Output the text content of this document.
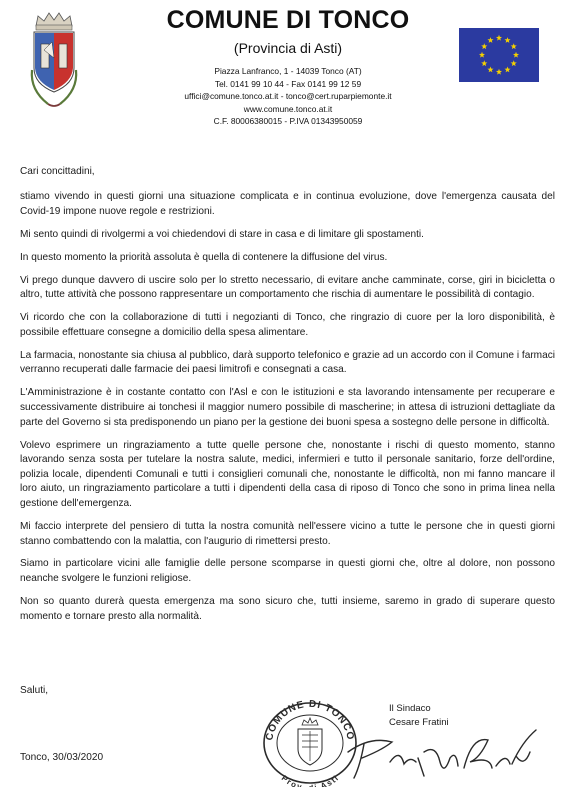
COMUNE DI TONCO
(Provincia di Asti)
Piazza Lanfranco, 1 - 14039 Tonco (AT)
Tel. 0141 99 10 44 - Fax 0141 99 12 59
uffici@comune.tonco.at.it - tonco@cert.ruparpiemonte.it
www.comune.tonco.at.it
C.F. 80006380015 - P.IVA 01343950059

Cari concittadini,

stiamo vivendo in questi giorni una situazione complicata e in continua evoluzione, dove l'emergenza causata del Covid-19 impone nuove regole e restrizioni.

Mi sento quindi di rivolgermi a voi chiedendovi di stare in casa e di limitare gli spostamenti.

In questo momento la priorità assoluta è quella di contenere la diffusione del virus.

Vi prego dunque davvero di uscire solo per lo stretto necessario, di evitare anche camminate, corse, giri in bicicletta o altro, tutte attività che possono rappresentare un comportamento che rischia di aumentare le possibilità di contagio.

Vi ricordo che con la collaborazione di tutti i negozianti di Tonco, che ringrazio di cuore per la loro disponibilità, è possibile effettuare consegne a domicilio della spesa alimentare.

La farmacia, nonostante sia chiusa al pubblico, darà supporto telefonico e grazie ad un accordo con il Comune i farmaci verranno recuperati dalle farmacie dei paesi limitrofi e consegnati a casa.

L'Amministrazione è in costante contatto con l'Asl e con le istituzioni e sta lavorando intensamente per recuperare e successivamente distribuire ai tonchesi il maggior numero possibile di mascherine; in attesa di istruzioni dettagliate da parte del Governo si sta predisponendo un piano per la gestione dei buoni spesa a sostegno delle persone in difficoltà.

Volevo esprimere un ringraziamento a tutte quelle persone che, nonostante i rischi di questo momento, stanno lavorando senza sosta per tutelare la nostra salute, medici, infermieri e tutto il personale sanitario, forze dell'ordine, polizia locale, dipendenti Comunali e tutti i consiglieri comunali che, nonostante le difficoltà, non mi fanno mancare il loro aiuto, un ringraziamento particolare a tutti i dipendenti della casa di riposo di Tonco che sono in prima linea nella gestione dell'emergenza.

Mi faccio interprete del pensiero di tutta la nostra comunità nell'essere vicino a tutte le persone che in questi giorni stanno combattendo con la malattia, con l'augurio di rimettersi presto.

Siamo in particolare vicini alle famiglie delle persone scomparse in questi giorni che, oltre al dolore, non possono neanche svolgere le funzioni religiose.

Non so quanto durerà questa emergenza ma sono sicuro che, tutti insieme, saremo in grado di superare questo momento e tornare presto alla normalità.

Saluti,
Il Sindaco
Cesare Fratini
Tonco, 30/03/2020
COMUNE DI TONCO
Prov Asti
